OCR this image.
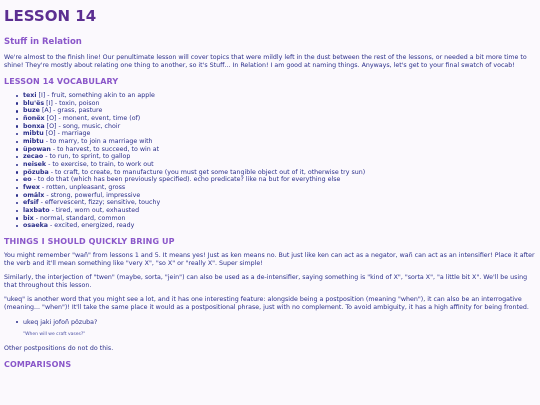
LESSON 14
Stuff in Relation

We're almost to the finish line! Our penultimate lesson will cover topics that were mildly left in the dust between the rest of the lessons, or needed a bit more time to shine! They're mostly about relating one thing to another, so it's Stuff... In Relation! I am good at naming things. Anyways, let's get to your final swatch of vocab!

LESSON 14 VOCABULARY
texi [I] - fruit, something akin to an apple
blu'ës [I] - toxin, poison
buze [A] - grass, pasture
ñonëx [O] - monent, event, time (of)
bonxa [O] - song, music, choir
mibtu [O] - marriage
mibtu - to marry, to join a marriage with
üpowan - to harvest, to succeed, to win at
zecao - to run, to sprint, to gallop
neisek - to exercise, to train, to work out
pözuba - to craft, to create, to manufacture (you must get some tangible object out of it, otherwise try sun)
eo - to do that (which has been previously specified). echo predicate? like na but for everything else
fwex - rotten, unpleasant, gross
omälx - strong, powerful, impressive
efsif - effervescent, fizzy; sensitive, touchy
laxbato - tired, worn out, exhausted
bix - normal, standard, common
osaeka - excited, energized, ready
THINGS I SHOULD QUICKLY BRING UP

You might remember "wañ" from lessons 1 and 5. It means yes! Just as ken means no. But just like ken can act as a negator, wañ can act as an intensifier! Place it after the verb and it'll mean something like "very X", "so X" or "really X". Super simple!

Similarly, the interjection of "twen" (maybe, sorta, "jein") can also be used as a de-intensifier, saying something is "kind of X", "sorta X", "a little bit X". We'll be using that throughout this lesson.

"ukeq" is another word that you might see a lot, and it has one interesting feature: alongside being a postposition (meaning "when"), it can also be an interrogative (meaning... "when")! It'll take the same place it would as a postpositional phrase, just with no complement. To avoid ambiguity, it has a high affinity for being fronted.

ukeq jaki jofoñ pözuba?
"When will we craft vases?"

Other postpositions do not do this.

COMPARISONS
